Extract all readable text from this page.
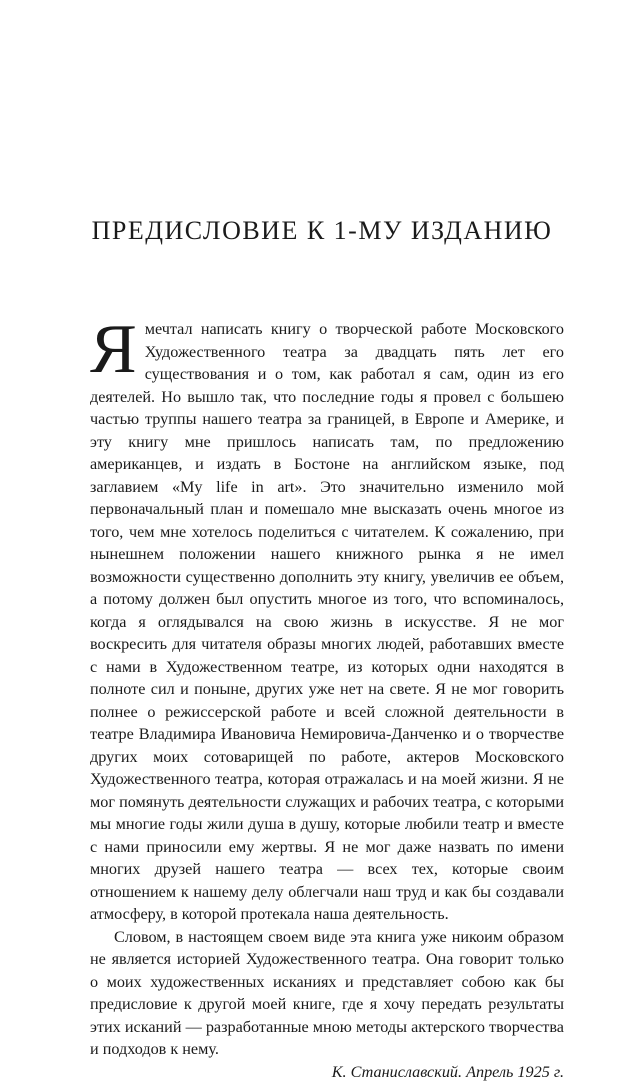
ПРЕДИСЛОВИЕ К 1-МУ ИЗДАНИЮ

Я мечтал написать книгу о творческой работе Московского Художественного театра за двадцать пять лет его существования и о том, как работал я сам, один из его деятелей. Но вышло так, что последние годы я провел с большею частью труппы нашего театра за границей, в Европе и Америке, и эту книгу мне пришлось написать там, по предложению американцев, и издать в Бостоне на английском языке, под заглавием «My life in art». Это значительно изменило мой первоначальный план и помешало мне высказать очень многое из того, чем мне хотелось поделиться с читателем. К сожалению, при нынешнем положении нашего книжного рынка я не имел возможности существенно дополнить эту книгу, увеличив ее объем, а потому должен был опустить многое из того, что вспоминалось, когда я оглядывался на свою жизнь в искусстве. Я не мог воскресить для читателя образы многих людей, работавших вместе с нами в Художественном театре, из которых одни находятся в полноте сил и поныне, других уже нет на свете. Я не мог говорить полнее о режиссерской работе и всей сложной деятельности в театре Владимира Ивановича Немировича-Данченко и о творчестве других моих сотоварищей по работе, актеров Московского Художественного театра, которая отражалась и на моей жизни. Я не мог помянуть деятельности служащих и рабочих театра, с которыми мы многие годы жили душа в душу, которые любили театр и вместе с нами приносили ему жертвы. Я не мог даже назвать по имени многих друзей нашего театра — всех тех, которые своим отношением к нашему делу облегчали наш труд и как бы создавали атмосферу, в которой протекала наша деятельность.

Словом, в настоящем своем виде эта книга уже никоим образом не является историей Художественного театра. Она говорит только о моих художественных исканиях и представляет собою как бы предисловие к другой моей книге, где я хочу передать результаты этих исканий — разработанные мною методы актерского творчества и подходов к нему.

К. Станиславский. Апрель 1925 г.
